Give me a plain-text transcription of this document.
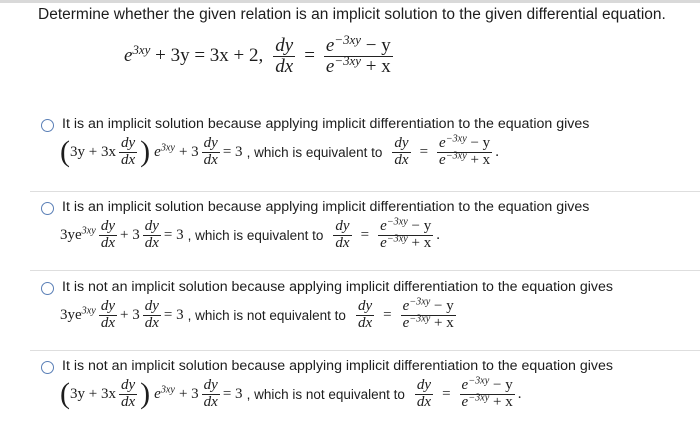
Determine whether the given relation is an implicit solution to the given differential equation.
$e^{3xy} + 3y = 3x + 2$, $\frac{dy}{dx} = \frac{e^{-3xy} - y}{e^{-3xy} + x}$
It is an implicit solution because applying implicit differentiation to the equation gives
( $3y + 3x \frac{dy}{dx}$ ) $e^{3xy} + 3 \frac{dy}{dx} = 3$ , which is equivalent to $\frac{dy}{dx} = \frac{e^{-3xy} - y}{e^{-3xy} + x}$ .
It is an implicit solution because applying implicit differentiation to the equation gives
$3ye^{3xy} \frac{dy}{dx} + 3 \frac{dy}{dx} = 3$ , which is equivalent to $\frac{dy}{dx} = \frac{e^{-3xy} - y}{e^{-3xy} + x}$ .
It is not an implicit solution because applying implicit differentiation to the equation gives
$3ye^{3xy} \frac{dy}{dx} + 3 \frac{dy}{dx} = 3$ , which is not equivalent to $\frac{dy}{dx} = \frac{e^{-3xy} - y}{e^{-3xy} + x}$
It is not an implicit solution because applying implicit differentiation to the equation gives
( $3y + 3x \frac{dy}{dx}$ ) $e^{3xy} + 3 \frac{dy}{dx} = 3$ , which is not equivalent to $\frac{dy}{dx} = \frac{e^{-3xy} - y}{e^{-3xy} + x}$ .
